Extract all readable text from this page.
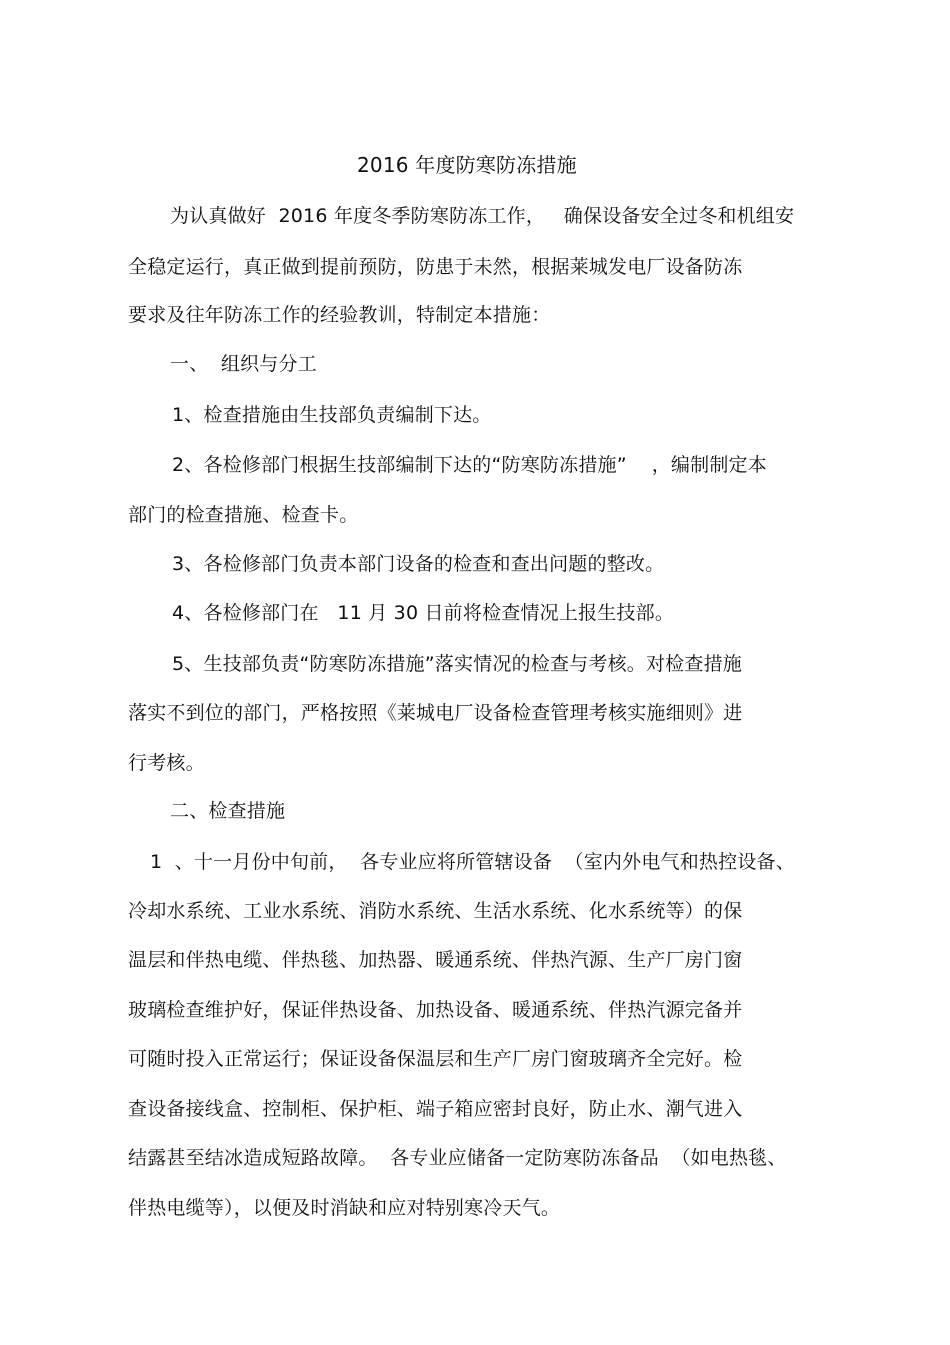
2016 年度防寒防冻措施
为认真做好  2016 年度冬季防寒防冻工作，   确保设备安全过冬和机组安
全稳定运行，真正做到提前预防，防患于未然，根据莱城发电厂设备防冻
要求及往年防冻工作的经验教训，特制定本措施：
一、  组织与分工
1、检查措施由生技部负责编制下达。
2、各检修部门根据生技部编制下达的“防寒防冻措施”    ，编制制定本
部门的检查措施、检查卡。
3、各检修部门负责本部门设备的检查和查出问题的整改。
4、各检修部门在   11 月 30 日前将检查情况上报生技部。
5、生技部负责“防寒防冻措施”落实情况的检查与考核。对检查措施
落实不到位的部门，严格按照《莱城电厂设备检查管理考核实施细则》进
行考核。
二、检查措施
1  、十一月份中旬前，  各专业应将所管辖设备  （室内外电气和热控设备、
冷却水系统、工业水系统、消防水系统、生活水系统、化水系统等）的保
温层和伴热电缆、伴热毯、加热器、暖通系统、伴热汽源、生产厂房门窗
玻璃检查维护好，保证伴热设备、加热设备、暖通系统、伴热汽源完备并
可随时投入正常运行；保证设备保温层和生产厂房门窗玻璃齐全完好。检
查设备接线盒、控制柜、保护柜、端子箱应密封良好，防止水、潮气进入
结露甚至结冰造成短路故障。  各专业应储备一定防寒防冻备品  （如电热毯、
伴热电缆等），以便及时消缺和应对特别寒冷天气。
